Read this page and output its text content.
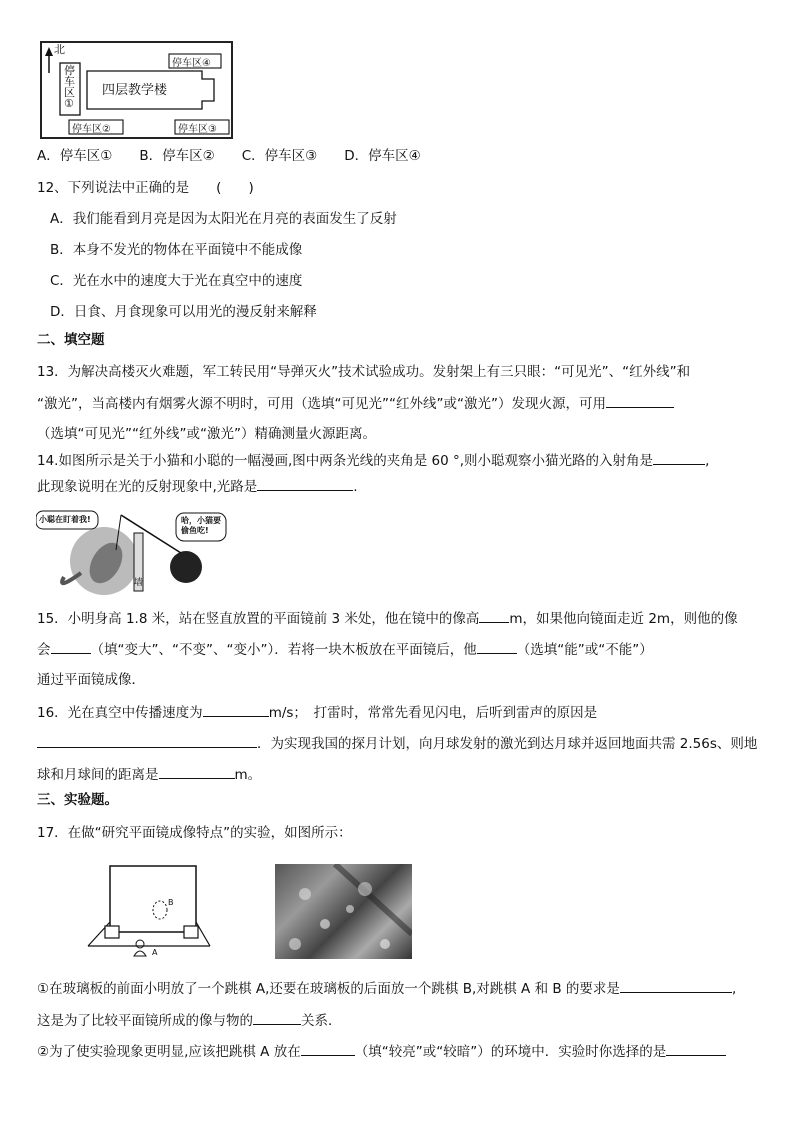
北
四层教学楼
停
车
区
①
停车区④
停车区②	停车区③
A．停车区①　　B．停车区②　　C．停车区③　　D．停车区④
12、下列说法中正确的是　　(　　)
A．我们能看到月亮是因为太阳光在月亮的表面发生了反射
B．本身不发光的物体在平面镜中不能成像
C．光在水中的速度大于光在真空中的速度
D．日食、月食现象可以用光的漫反射来解释
二、填空题
13．为解决高楼灭火难题，军工转民用“导弹灭火”技术试验成功。发射架上有三只眼：“可见光”、“红外线”和
“激光”，当高楼内有烟雾火源不明时，可用（选填“可见光”“红外线”或“激光”）发现火源，可用
（选填“可见光”“红外线”或“激光”）精确测量火源距离。
14.如图所示是关于小猫和小聪的一幅漫画,图中两条光线的夹角是 60 °,则小聪观察小猫光路的入射角是	,
此现象说明在光的反射现象中,光路是	.
小聪在盯着我!	哈，小猫要
偷鱼吃!
墙
15．小明身高 1.8 米，站在竖直放置的平面镜前 3 米处，他在镜中的像高 m，如果他向镜面走近 2m，则他的像
会	（填“变大”、“不变”、“变小”）．若将一块木板放在平面镜后，他	（选填“能”或“不能”）
通过平面镜成像．
16．光在真空中传播速度为	m/s；　打雷时，常常先看见闪电，后听到雷声的原因是
．为实现我国的探月计划，向月球发射的激光到达月球并返回地面共需 2.56s、则地
球和月球间的距离是	m。
三、实验题。
17．在做“研究平面镜成像特点”的实验，如图所示：
B
A
①在玻璃板的前面小明放了一个跳棋 A,还要在玻璃板的后面放一个跳棋 B,对跳棋 A 和 B 的要求是	,
这是为了比较平面镜所成的像与物的	关系．
②为了使实验现象更明显,应该把跳棋 A 放在	（填“较亮”或“较暗”）的环境中．实验时你选择的是
